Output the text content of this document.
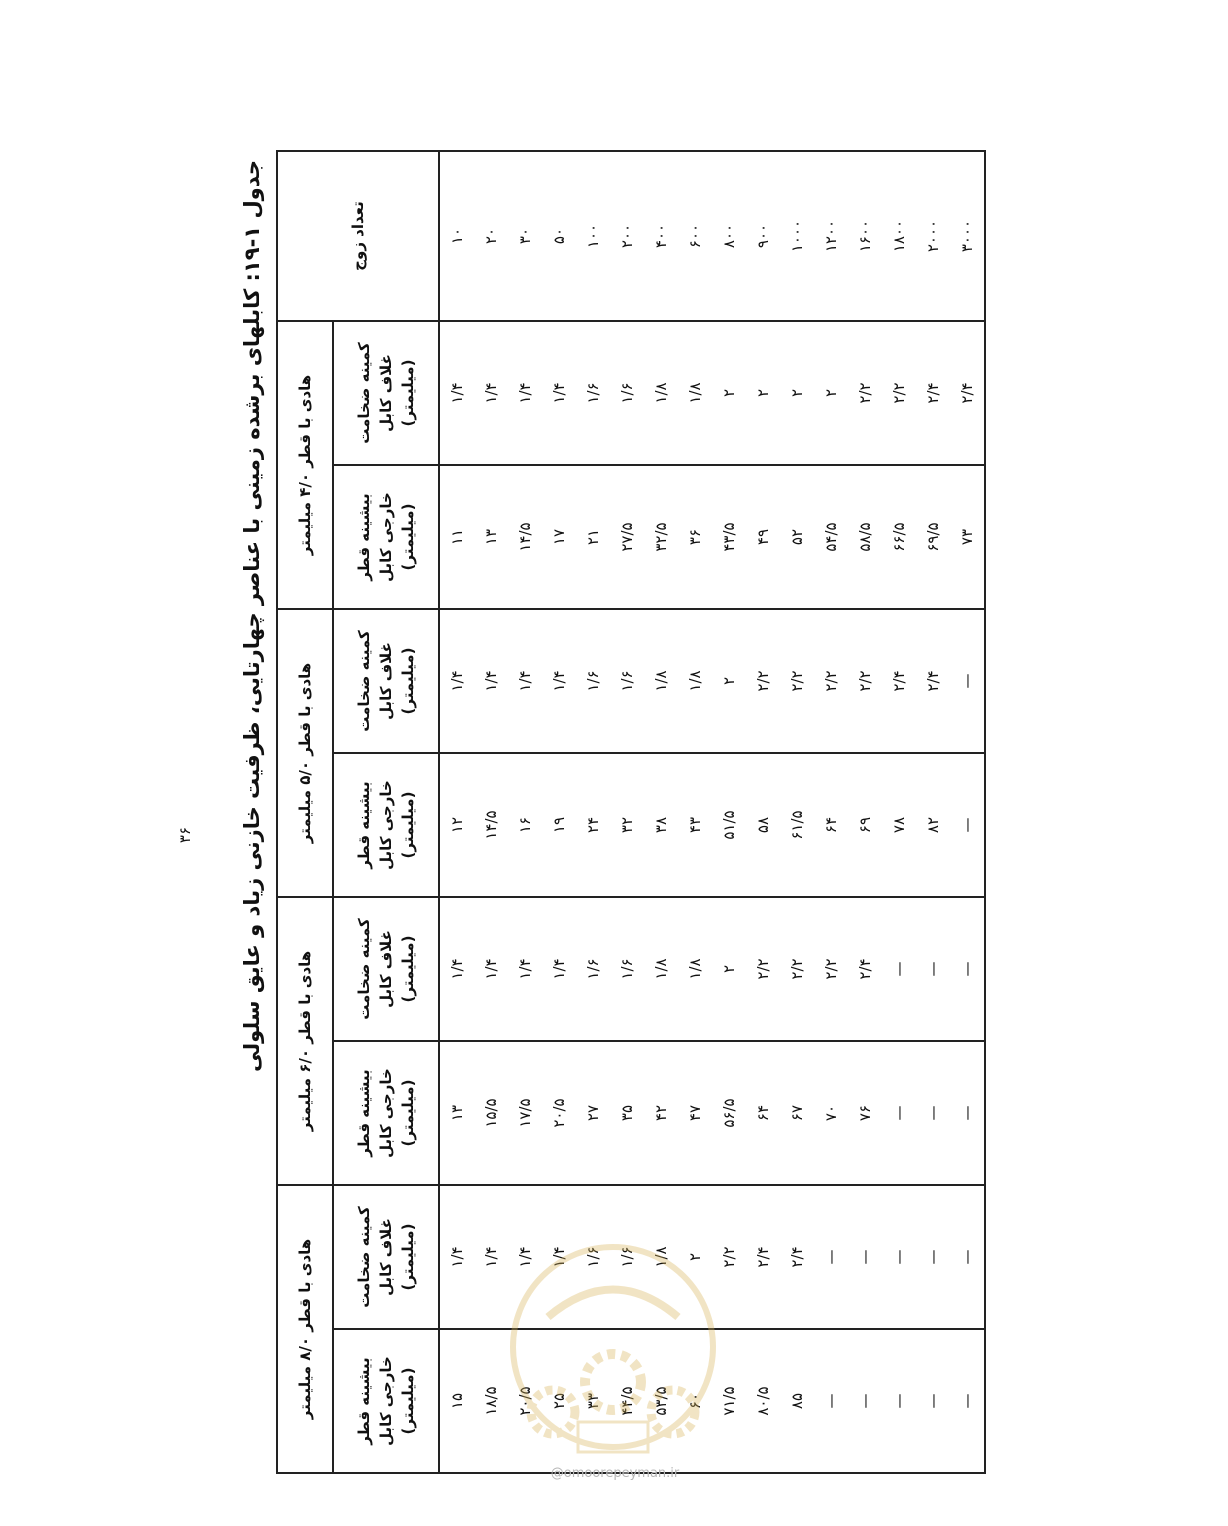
جدول ۱-۱۹: کابلهای برشده زمینی با عناصر چهارتایی، ظرفیت خازنی زیاد و عایق سلولی
تعداد زوج	هادی با قطر ۴/۰ میلیمتر		هادی با قطر ۵/۰ میلیمتر		هادی با قطر ۶/۰ میلیمتر		هادی با قطر ۸/۰ میلیمتر	
	کمینه ضخامت غلاف کابل (میلیمتر)	بیشینه قطر خارجی کابل (میلیمتر)	کمینه ضخامت غلاف کابل (میلیمتر)	بیشینه قطر خارجی کابل (میلیمتر)	کمینه ضخامت غلاف کابل (میلیمتر)	بیشینه قطر خارجی کابل (میلیمتر)	کمینه ضخامت غلاف کابل (میلیمتر)	بیشینه قطر خارجی کابل (میلیمتر)
۱۰	۱/۴	۱۱	۱/۴	۱۲	۱/۴	۱۳	۱/۴	۱۵
۲۰	۱/۴	۱۳	۱/۴	۱۴/۵	۱/۴	۱۵/۵	۱/۴	۱۸/۵
۳۰	۱/۴	۱۴/۵	۱/۴	۱۶	۱/۴	۱۷/۵	۱/۴	۲۰/۵
۵۰	۱/۴	۱۷	۱/۴	۱۹	۱/۴	۲۰/۵	۱/۴	۲۵
۱۰۰	۱/۶	۲۱	۱/۶	۲۴	۱/۶	۲۷	۱/۶	۳۳
۲۰۰	۱/۶	۲۷/۵	۱/۶	۳۲	۱/۶	۳۵	۱/۶	۴۴/۵
۴۰۰	۱/۸	۳۲/۵	۱/۸	۳۸	۱/۸	۴۲	۱/۸	۵۳/۵
۶۰۰	۱/۸	۳۶	۱/۸	۴۳	۱/۸	۴۷	۲	۶۰
۸۰۰	۲	۴۳/۵	۲	۵۱/۵	۲	۵۶/۵	۲/۲	۷۱/۵
۹۰۰	۲	۴۹	۲/۲	۵۸	۲/۲	۶۴	۲/۴	۸۰/۵
۱۰۰۰	۲	۵۲	۲/۲	۶۱/۵	۲/۲	۶۷	۲/۴	۸۵
۱۲۰۰	۲	۵۴/۵	۲/۲	۶۴	۲/۲	۷۰	—	—
۱۶۰۰	۲/۲	۵۸/۵	۲/۲	۶۹	۲/۴	۷۶	—	—
۱۸۰۰	۲/۲	۶۶/۵	۲/۴	۷۸	—	—	—	—
۲۰۰۰	۲/۴	۶۹/۵	۲/۴	۸۲	—	—	—	—
۳۰۰۰	۲/۴	۷۳	—	—	—	—	—	—
۳۶
@omoorepeyman.ir
